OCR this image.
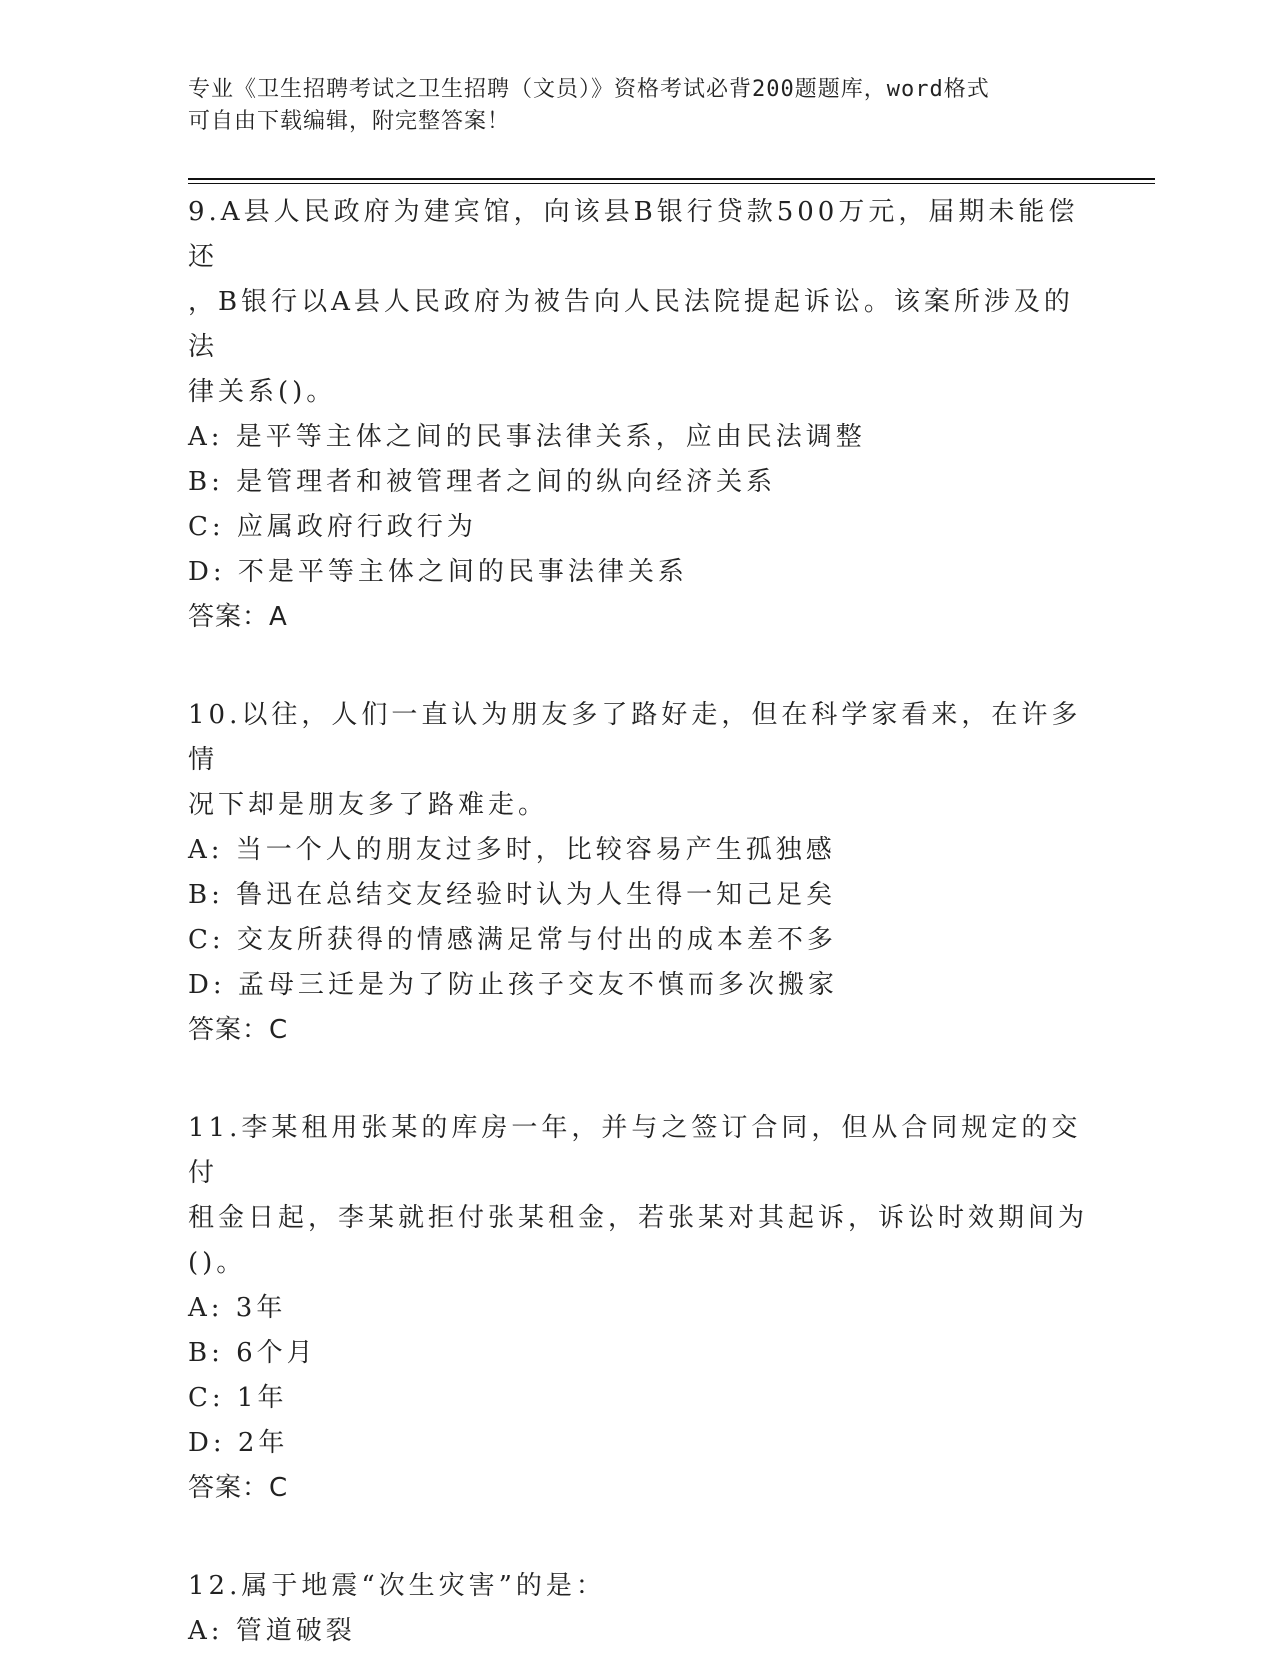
专业《卫生招聘考试之卫生招聘（文员）》资格考试必背200题题库，word格式
可自由下载编辑，附完整答案！

9.A县人民政府为建宾馆，向该县B银行贷款500万元，届期未能偿还

，B银行以A县人民政府为被告向人民法院提起诉讼。该案所涉及的法

律关系()。

A: 是平等主体之间的民事法律关系，应由民法调整

B: 是管理者和被管理者之间的纵向经济关系

C: 应属政府行政行为

D: 不是平等主体之间的民事法律关系

答案：A

10.以往，人们一直认为朋友多了路好走，但在科学家看来，在许多情

况下却是朋友多了路难走。

A: 当一个人的朋友过多时，比较容易产生孤独感

B: 鲁迅在总结交友经验时认为人生得一知己足矣

C: 交友所获得的情感满足常与付出的成本差不多

D: 孟母三迁是为了防止孩子交友不慎而多次搬家

答案：C

11.李某租用张某的库房一年，并与之签订合同，但从合同规定的交付

租金日起，李某就拒付张某租金，若张某对其起诉，诉讼时效期间为

()。

A: 3年

B: 6个月

C: 1年

D: 2年

答案：C

12.属于地震“次生灾害”的是：

A: 管道破裂
